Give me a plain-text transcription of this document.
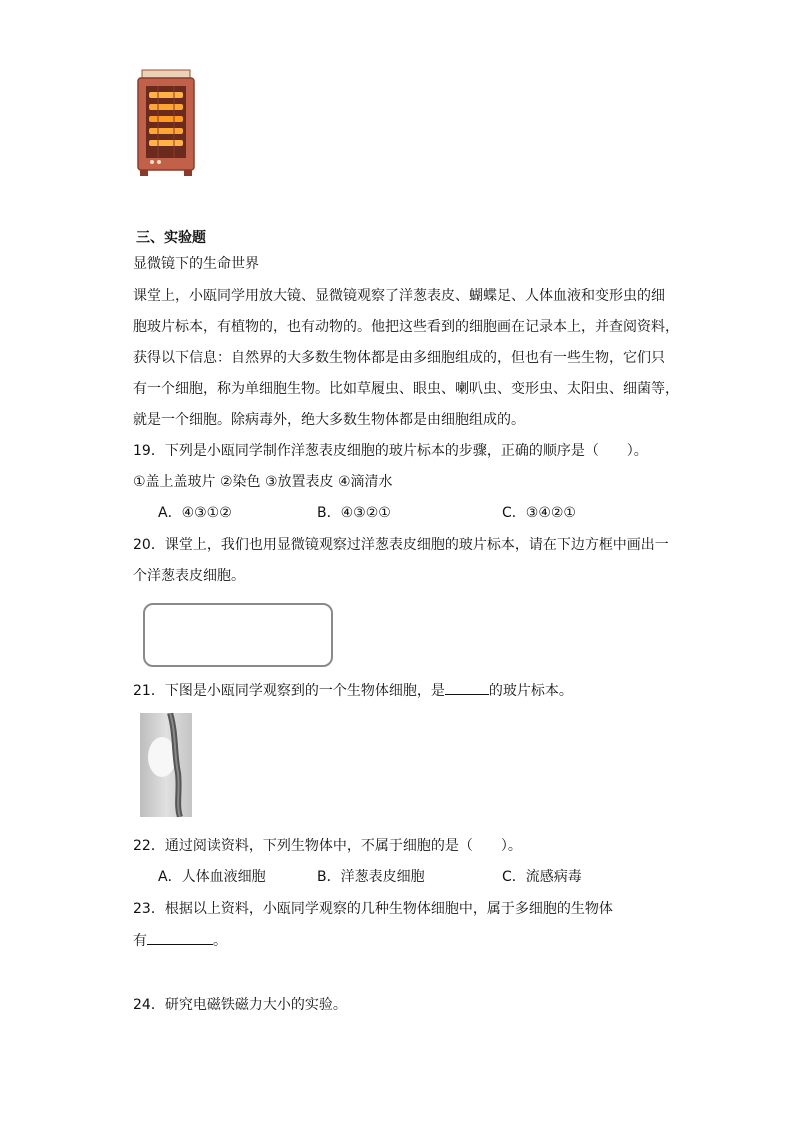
三、实验题
显微镜下的生命世界
课堂上，小瓯同学用放大镜、显微镜观察了洋葱表皮、蝴蝶足、人体血液和变形虫的细
胞玻片标本，有植物的，也有动物的。他把这些看到的细胞画在记录本上，并查阅资料，
获得以下信息：自然界的大多数生物体都是由多细胞组成的，但也有一些生物，它们只
有一个细胞，称为单细胞生物。比如草履虫、眼虫、喇叭虫、变形虫、太阳虫、细菌等，
就是一个细胞。除病毒外，绝大多数生物体都是由细胞组成的。
19．下列是小瓯同学制作洋葱表皮细胞的玻片标本的步骤，正确的顺序是（　　）。
①盖上盖玻片 ②染色 ③放置表皮 ④滴清水
A．④③①②	B．④③②①	C．③④②①
20．课堂上，我们也用显微镜观察过洋葱表皮细胞的玻片标本，请在下边方框中画出一
个洋葱表皮细胞。
21．下图是小瓯同学观察到的一个生物体细胞，是	的玻片标本。
22．通过阅读资料，下列生物体中，不属于细胞的是（　　）。
A．人体血液细胞	B．洋葱表皮细胞	C．流感病毒
23．根据以上资料，小瓯同学观察的几种生物体细胞中，属于多细胞的生物体
有	。
24．研究电磁铁磁力大小的实验。
